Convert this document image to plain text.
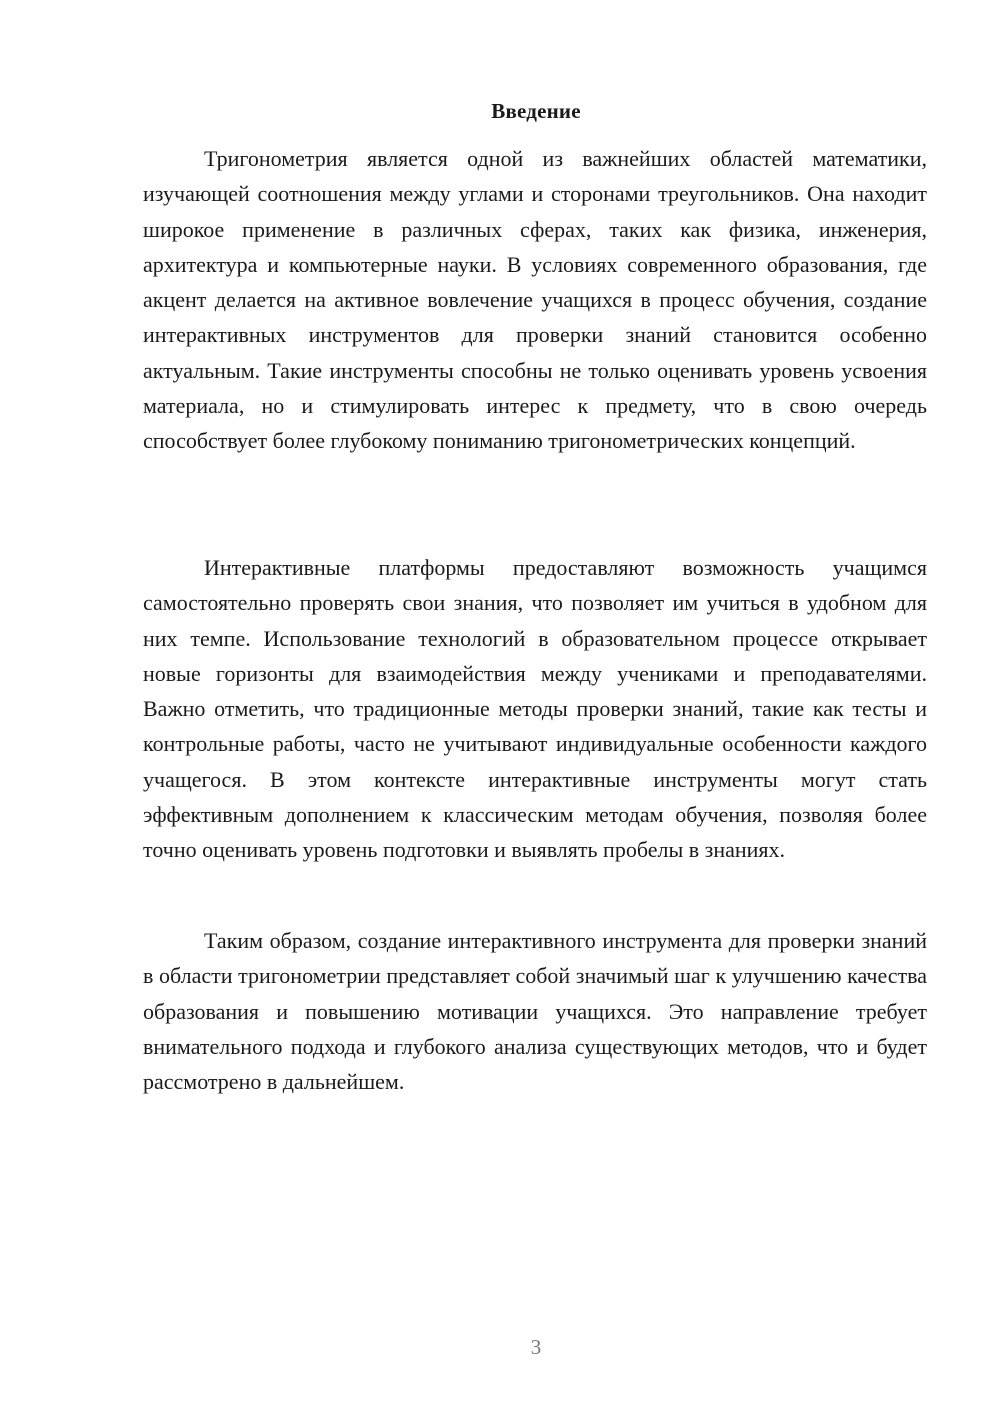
Введение

Тригонометрия является одной из важнейших областей математики, изучающей соотношения между углами и сторонами треугольников. Она находит широкое применение в различных сферах, таких как физика, инженерия, архитектура и компьютерные науки. В условиях современного образования, где акцент делается на активное вовлечение учащихся в процесс обучения, создание интерактивных инструментов для проверки знаний становится особенно актуальным. Такие инструменты способны не только оценивать уровень усвоения материала, но и стимулировать интерес к предмету, что в свою очередь способствует более глубокому пониманию тригонометрических концепций.

Интерактивные платформы предоставляют возможность учащимся самостоятельно проверять свои знания, что позволяет им учиться в удобном для них темпе. Использование технологий в образовательном процессе открывает новые горизонты для взаимодействия между учениками и преподавателями. Важно отметить, что традиционные методы проверки знаний, такие как тесты и контрольные работы, часто не учитывают индивидуальные особенности каждого учащегося. В этом контексте интерактивные инструменты могут стать эффективным дополнением к классическим методам обучения, позволяя более точно оценивать уровень подготовки и выявлять пробелы в знаниях.

Таким образом, создание интерактивного инструмента для проверки знаний в области тригонометрии представляет собой значимый шаг к улучшению качества образования и повышению мотивации учащихся. Это направление требует внимательного подхода и глубокого анализа существующих методов, что и будет рассмотрено в дальнейшем.

3
